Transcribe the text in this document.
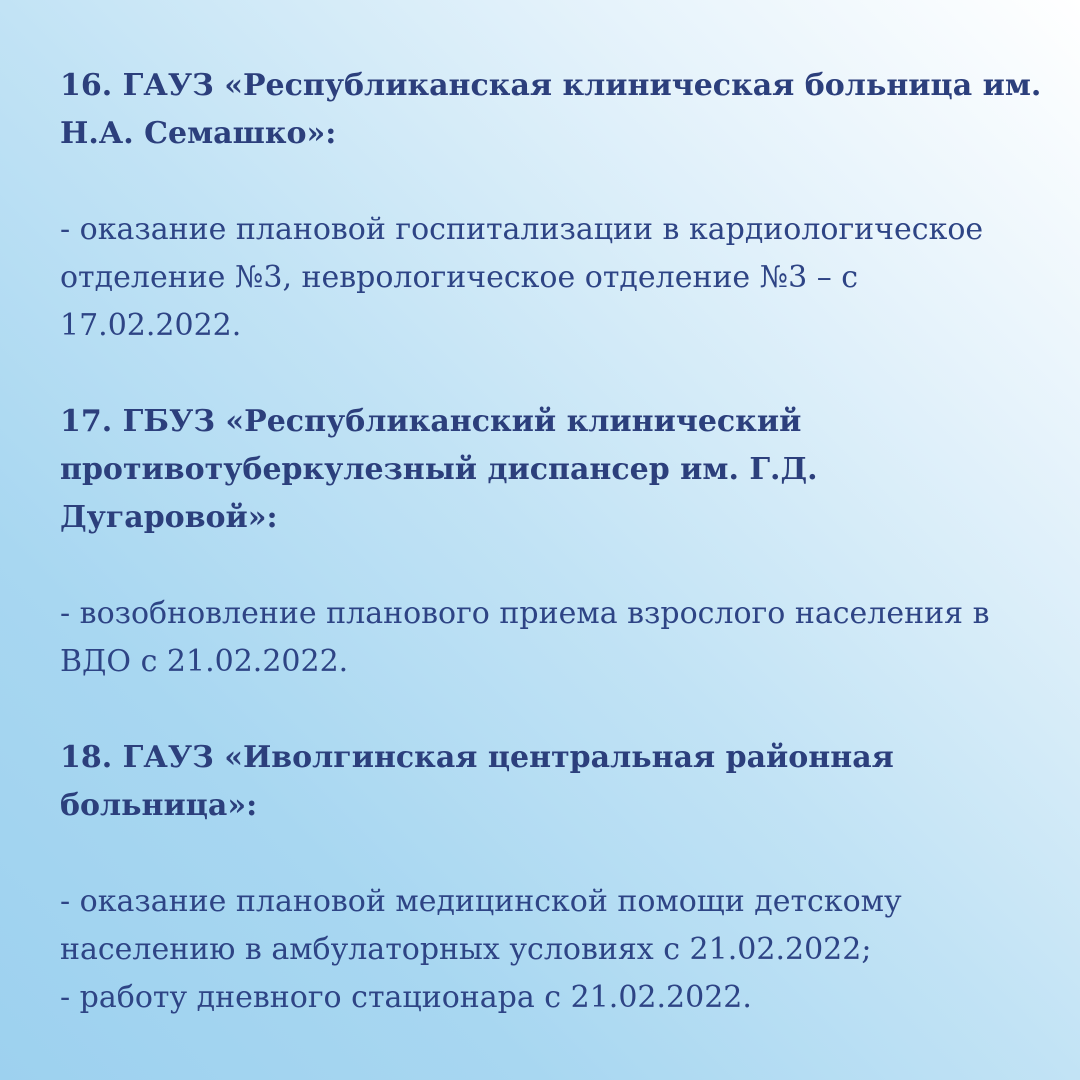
16. ГАУЗ «Республиканская клиническая больница им.
Н.А. Семашко»:
- оказание плановой госпитализации в кардиологическое
отделение №3, неврологическое отделение №3 – с
17.02.2022.
17. ГБУЗ «Республиканский клинический
противотуберкулезный диспансер им. Г.Д.
Дугаровой»:
- возобновление планового приема взрослого населения в
ВДО с 21.02.2022.
18. ГАУЗ «Иволгинская центральная районная
больница»:
- оказание плановой медицинской помощи детскому
населению в амбулаторных условиях с 21.02.2022;
- работу дневного стационара с 21.02.2022.
